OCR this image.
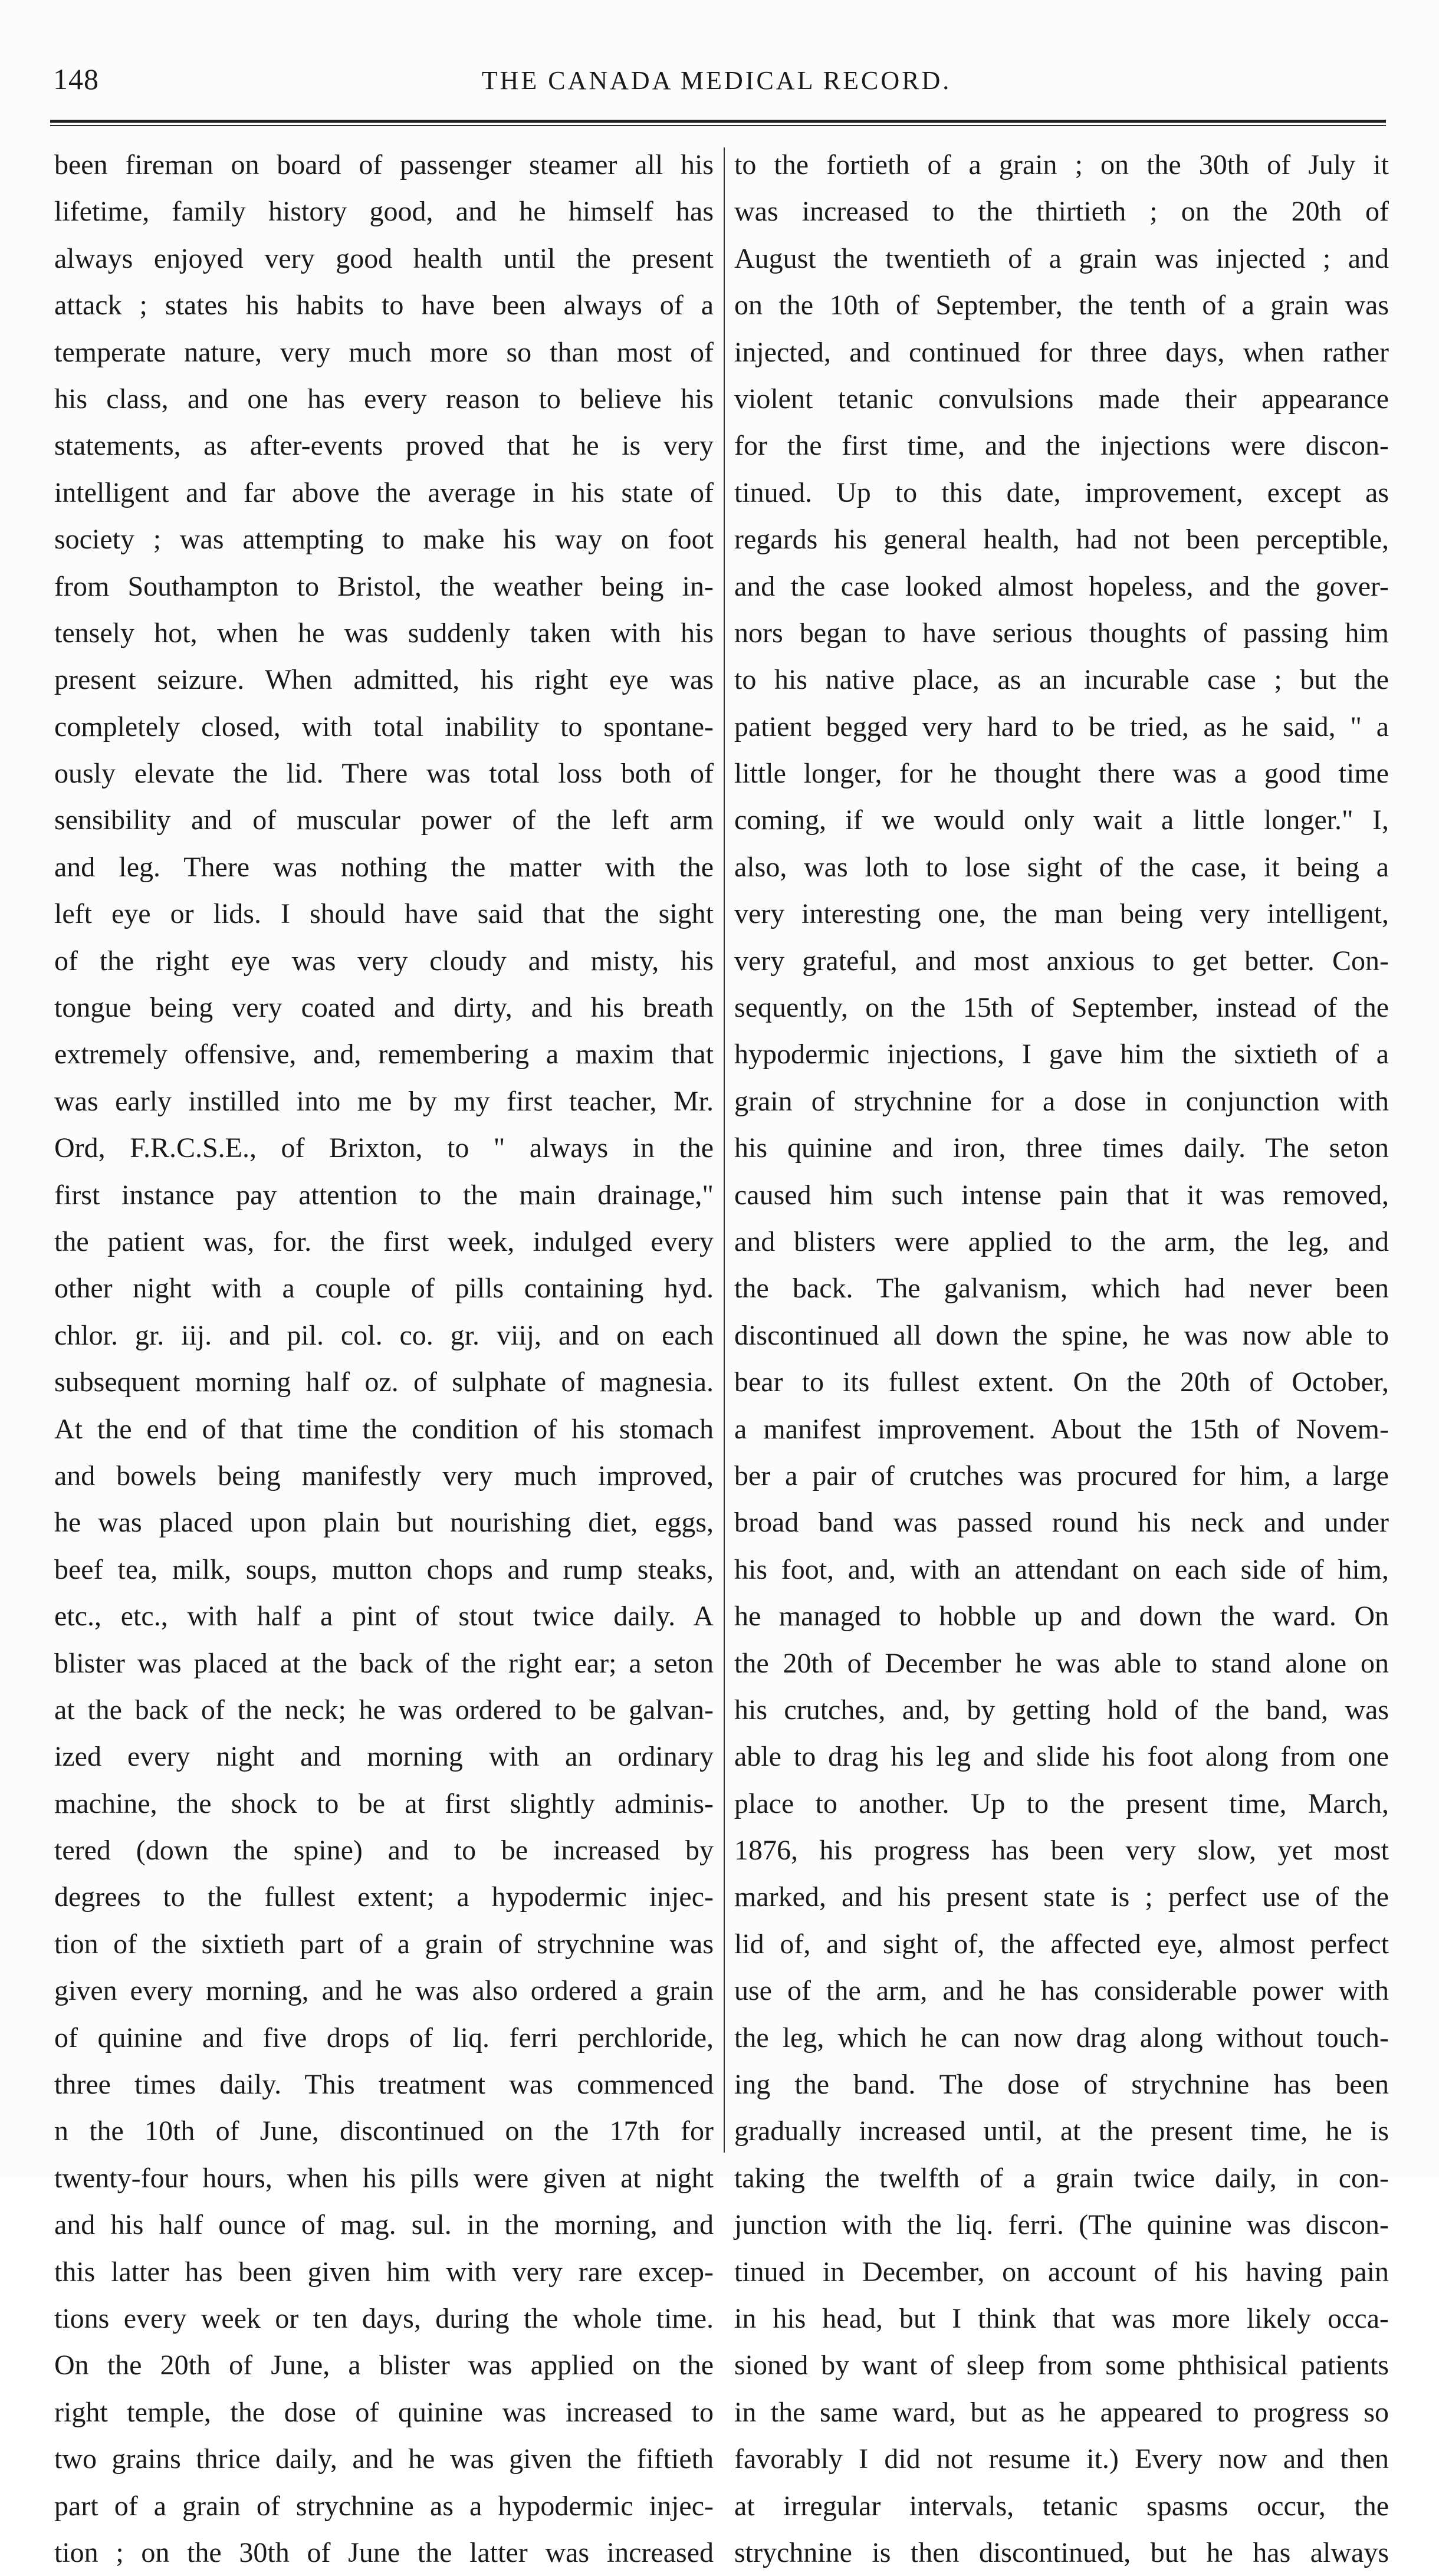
148	THE CANADA MEDICAL RECORD.
been fireman on board of passenger steamer all his
lifetime, family history good, and he himself has
always enjoyed very good health until the present
attack ; states his habits to have been always of a
temperate nature, very much more so than most of
his class, and one has every reason to believe his
statements, as after-events proved that he is very
intelligent and far above the average in his state of
society ; was attempting to make his way on foot
from Southampton to Bristol, the weather being in-
tensely hot, when he was suddenly taken with his
present seizure. When admitted, his right eye was
completely closed, with total inability to spontane-
ously elevate the lid. There was total loss both of
sensibility and of muscular power of the left arm
and leg. There was nothing the matter with the
left eye or lids. I should have said that the sight
of the right eye was very cloudy and misty, his
tongue being very coated and dirty, and his breath
extremely offensive, and, remembering a maxim that
was early instilled into me by my first teacher, Mr.
Ord, F.R.C.S.E., of Brixton, to " always in the
first instance pay attention to the main drainage,"
the patient was, for. the first week, indulged every
other night with a couple of pills containing hyd.
chlor. gr. iij. and pil. col. co. gr. viij, and on each
subsequent morning half oz. of sulphate of magnesia.
At the end of that time the condition of his stomach
and bowels being manifestly very much improved,
he was placed upon plain but nourishing diet, eggs,
beef tea, milk, soups, mutton chops and rump steaks,
etc., etc., with half a pint of stout twice daily. A
blister was placed at the back of the right ear; a seton
at the back of the neck; he was ordered to be galvan-
ized every night and morning with an ordinary
machine, the shock to be at first slightly adminis-
tered (down the spine) and to be increased by
degrees to the fullest extent; a hypodermic injec-
tion of the sixtieth part of a grain of strychnine was
given every morning, and he was also ordered a grain
of quinine and five drops of liq. ferri perchloride,
three times daily. This treatment was commenced
n the 10th of June, discontinued on the 17th for
twenty-four hours, when his pills were given at night
and his half ounce of mag. sul. in the morning, and
this latter has been given him with very rare excep-
tions every week or ten days, during the whole time.
On the 20th of June, a blister was applied on the
right temple, the dose of quinine was increased to
two grains thrice daily, and he was given the fiftieth
part of a grain of strychnine as a hypodermic injec-
tion ; on the 30th of June the latter was increased
to the fortieth of a grain ; on the 30th of July it
was increased to the thirtieth ; on the 20th of
August the twentieth of a grain was injected ; and
on the 10th of September, the tenth of a grain was
injected, and continued for three days, when rather
violent tetanic convulsions made their appearance
for the first time, and the injections were discon-
tinued. Up to this date, improvement, except as
regards his general health, had not been perceptible,
and the case looked almost hopeless, and the gover-
nors began to have serious thoughts of passing him
to his native place, as an incurable case ; but the
patient begged very hard to be tried, as he said, " a
little longer, for he thought there was a good time
coming, if we would only wait a little longer." I,
also, was loth to lose sight of the case, it being a
very interesting one, the man being very intelligent,
very grateful, and most anxious to get better. Con-
sequently, on the 15th of September, instead of the
hypodermic injections, I gave him the sixtieth of a
grain of strychnine for a dose in conjunction with
his quinine and iron, three times daily. The seton
caused him such intense pain that it was removed,
and blisters were applied to the arm, the leg, and
the back. The galvanism, which had never been
discontinued all down the spine, he was now able to
bear to its fullest extent. On the 20th of October,
a manifest improvement. About the 15th of Novem-
ber a pair of crutches was procured for him, a large
broad band was passed round his neck and under
his foot, and, with an attendant on each side of him,
he managed to hobble up and down the ward. On
the 20th of December he was able to stand alone on
his crutches, and, by getting hold of the band, was
able to drag his leg and slide his foot along from one
place to another. Up to the present time, March,
1876, his progress has been very slow, yet most
marked, and his present state is ; perfect use of the
lid of, and sight of, the affected eye, almost perfect
use of the arm, and he has considerable power with
the leg, which he can now drag along without touch-
ing the band. The dose of strychnine has been
gradually increased until, at the present time, he is
taking the twelfth of a grain twice daily, in con-
junction with the liq. ferri. (The quinine was discon-
tinued in December, on account of his having pain
in his head, but I think that was more likely occa-
sioned by want of sleep from some phthisical patients
in the same ward, but as he appeared to progress so
favorably I did not resume it.) Every now and then
at irregular intervals, tetanic spasms occur, the
strychnine is then discontinued, but he has always
